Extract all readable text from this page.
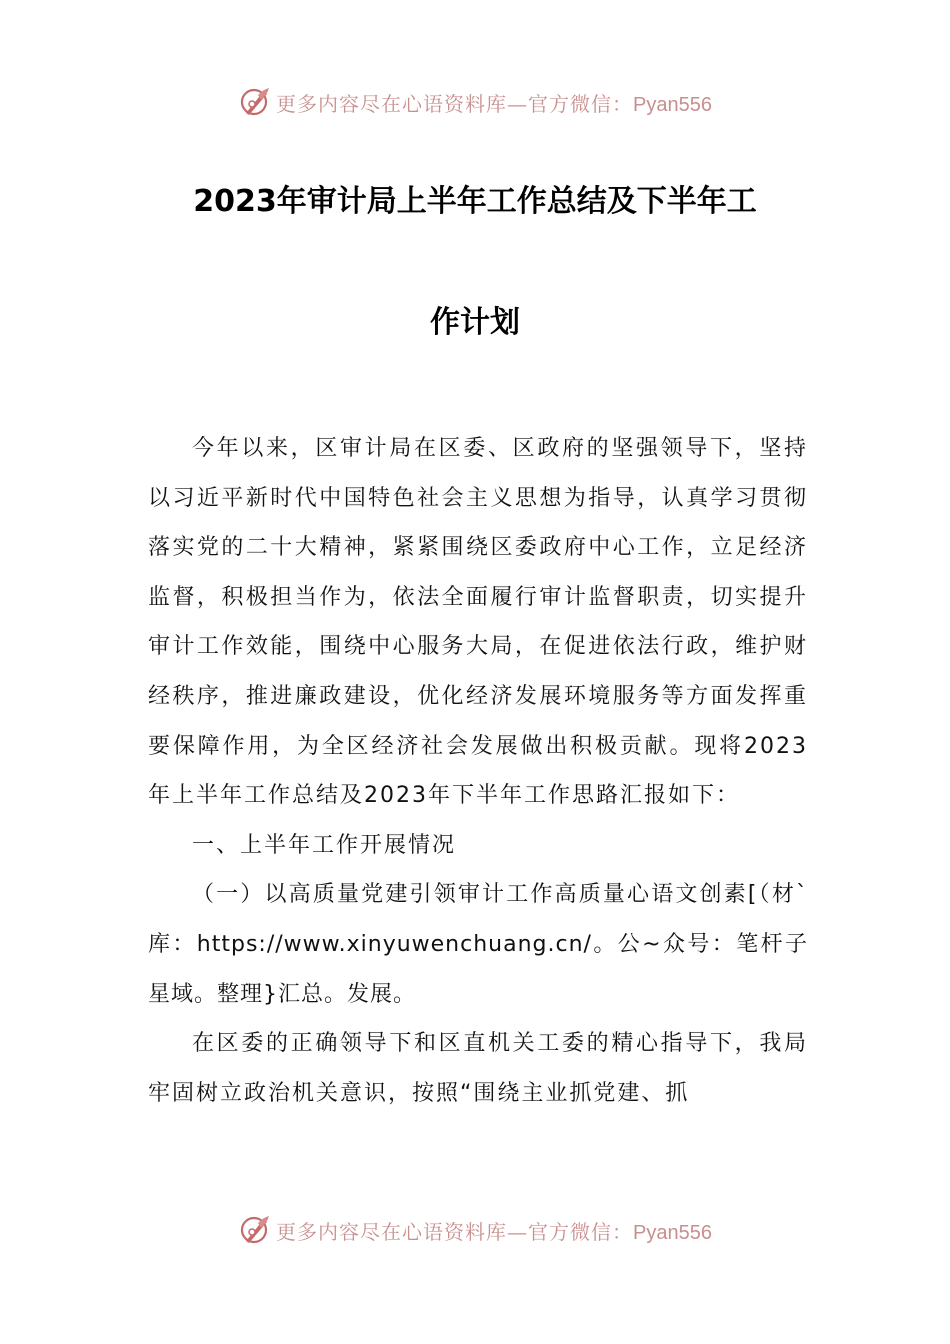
更多内容尽在心语资料库—官方微信：Pyan556
2023年审计局上半年工作总结及下半年工
作计划

今年以来，区审计局在区委、区政府的坚强领导下，坚持以习近平新时代中国特色社会主义思想为指导，认真学习贯彻落实党的二十大精神，紧紧围绕区委政府中心工作，立足经济监督，积极担当作为，依法全面履行审计监督职责，切实提升审计工作效能，围绕中心服务大局，在促进依法行政，维护财经秩序，推进廉政建设，优化经济发展环境服务等方面发挥重要保障作用，为全区经济社会发展做出积极贡献。现将2023年上半年工作总结及2023年下半年工作思路汇报如下：

一、上半年工作开展情况

（一）以高质量党建引领审计工作高质量心语文创素[（材`库：https://www.xinyuwenchuang.cn/。公~众号：笔杆子星域。整理}汇总。发展。

在区委的正确领导下和区直机关工委的精心指导下，我局牢固树立政治机关意识，按照“围绕主业抓党建、抓

更多内容尽在心语资料库—官方微信：Pyan556
